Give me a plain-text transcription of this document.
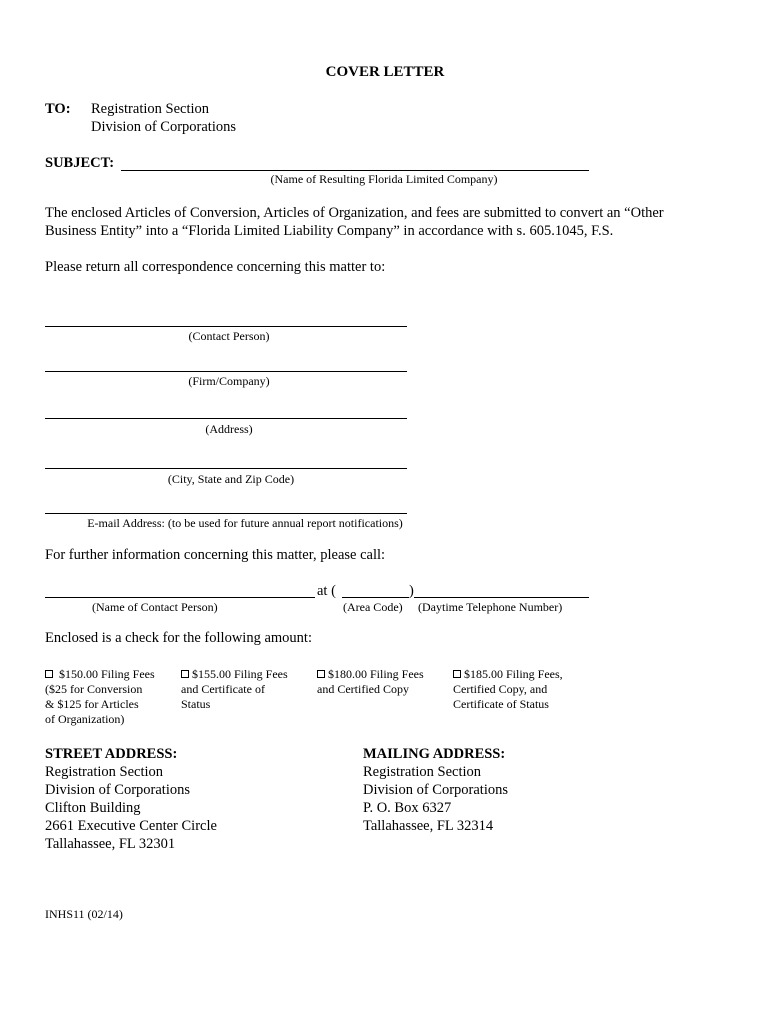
COVER LETTER
TO: Registration Section
Division of Corporations
SUBJECT:
(Name of Resulting Florida Limited Company)
The enclosed Articles of Conversion, Articles of Organization, and fees are submitted to convert an “Other
Business Entity” into a “Florida Limited Liability Company” in accordance with s. 605.1045, F.S.
Please return all correspondence concerning this matter to:
(Contact Person)
(Firm/Company)
(Address)
(City, State and Zip Code)
E-mail Address: (to be used for future annual report notifications)
For further information concerning this matter, please call:
at (	)
(Name of Contact Person)	(Area Code) (Daytime Telephone Number)
Enclosed is a check for the following amount:
$150.00 Filing Fees
($25 for Conversion
& $125 for Articles
of Organization)
$155.00 Filing Fees
and Certificate of
Status
$180.00 Filing Fees
and Certified Copy
$185.00 Filing Fees,
Certified Copy, and
Certificate of Status
STREET ADDRESS:
Registration Section
Division of Corporations
Clifton Building
2661 Executive Center Circle
Tallahassee, FL 32301
MAILING ADDRESS:
Registration Section
Division of Corporations
P. O. Box 6327
Tallahassee, FL 32314
INHS11 (02/14)
